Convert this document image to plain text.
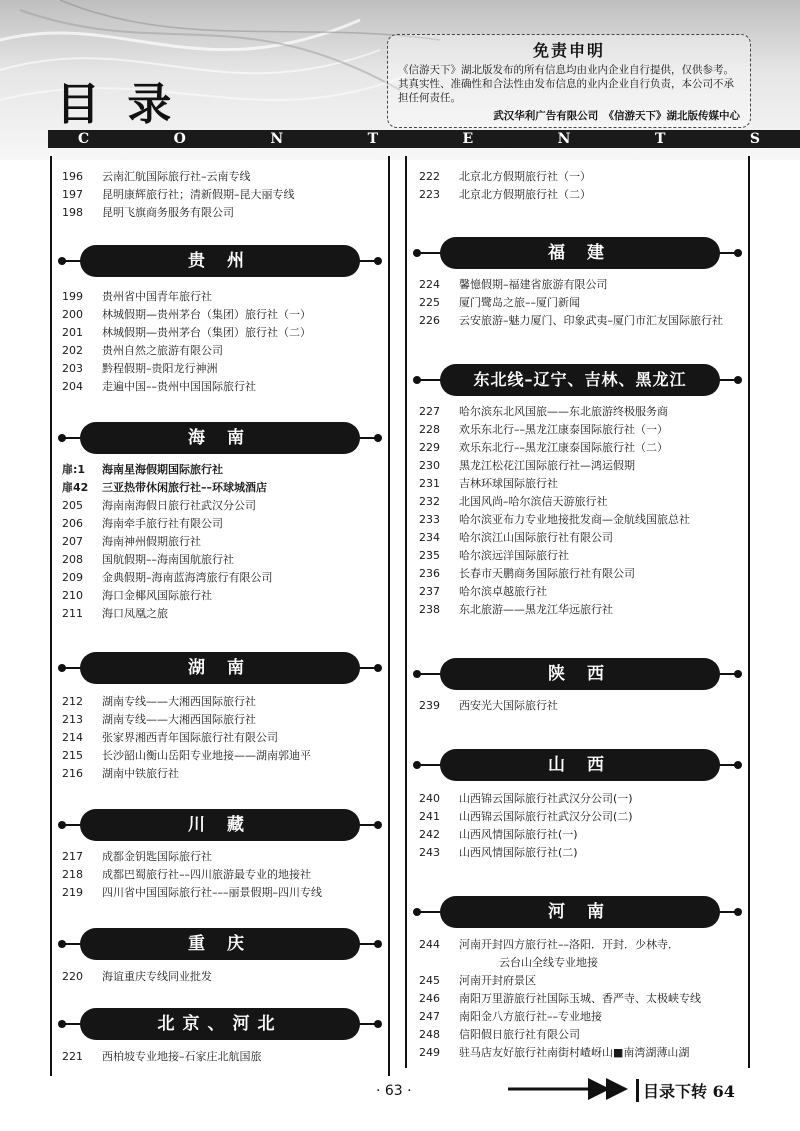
目 录
C	O	N	T	E	N	T	S
免责申明
《信游天下》湖北版发布的所有信息均由业内企业自行提供，仅供参考。其真实性、准确性和合法性由发布信息的业内企业自行负责，本公司不承担任何责任。
武汉华利广告有限公司　《信游天下》湖北版传媒中心
196 云南汇航国际旅行社–云南专线
197 昆明康辉旅行社；清新假期–昆大丽专线
198 昆明飞旗商务服务有限公司
贵 州
199 贵州省中国青年旅行社
200 林城假期—贵州茅台（集团）旅行社（一）
201 林城假期—贵州茅台（集团）旅行社（二）
202 贵州自然之旅游有限公司
203 黔程假期–贵阳龙行神洲
204 走遍中国––贵州中国国际旅行社
海 南
扉:1 海南星海假期国际旅行社
扉42 三亚热带休闲旅行社––环球城酒店
205 海南南海假日旅行社武汉分公司
206 海南牵手旅行社有限公司
207 海南神州假期旅行社
208 国航假期––海南国航旅行社
209 金典假期–海南蓝海湾旅行有限公司
210 海口金椰风国际旅行社
211 海口凤凰之旅
湖 南
212 湖南专线——大湘西国际旅行社
213 湖南专线——大湘西国际旅行社
214 张家界湘西青年国际旅行社有限公司
215 长沙韶山衡山岳阳专业地接——湖南郭迪平
216 湖南中铁旅行社
川 藏
217 成都金钥匙国际旅行社
218 成都巴蜀旅行社––四川旅游最专业的地接社
219 四川省中国国际旅行社–––丽景假期–四川专线
重 庆
220 海谊重庆专线同业批发
北京、河北
221 西柏坡专业地接–石家庄北航国旅
222 北京北方假期旅行社（一）
223 北京北方假期旅行社（二）
福 建
224 馨憶假期–福建省旅游有限公司
225 厦门鹭岛之旅––厦门新闻
226 云安旅游–魅力厦门、印象武夷–厦门市汇友国际旅行社
东北线–辽宁、吉林、黑龙江
227 哈尔滨东北风国旅——东北旅游终极服务商
228 欢乐东北行––黑龙江康泰国际旅行社（一）
229 欢乐东北行––黑龙江康泰国际旅行社（二）
230 黑龙江松花江国际旅行社—鸿运假期
231 吉林环球国际旅行社
232 北国风尚–哈尔滨信天游旅行社
233 哈尔滨亚布力专业地接批发商—金航线国旅总社
234 哈尔滨江山国际旅行社有限公司
235 哈尔滨远洋国际旅行社
236 长春市天鹏商务国际旅行社有限公司
237 哈尔滨卓越旅行社
238 东北旅游——黑龙江华远旅行社
陕 西
239 西安光大国际旅行社
山 西
240 山西锦云国际旅行社武汉分公司(一)
241 山西锦云国际旅行社武汉分公司(二)
242 山西风情国际旅行社(一)
243 山西风情国际旅行社(二)
河 南
244 河南开封四方旅行社––洛阳．开封．少林寺．
云台山全线专业地接
245 河南开封府景区
246 南阳万里游旅行社国际玉城、香严寺、太极峡专线
247 南阳金八方旅行社––专业地接
248 信阳假日旅行社有限公司
249 驻马店友好旅行社南街村嵖岈山■南湾湖薄山湖
· 63 ·	目录下转 64
